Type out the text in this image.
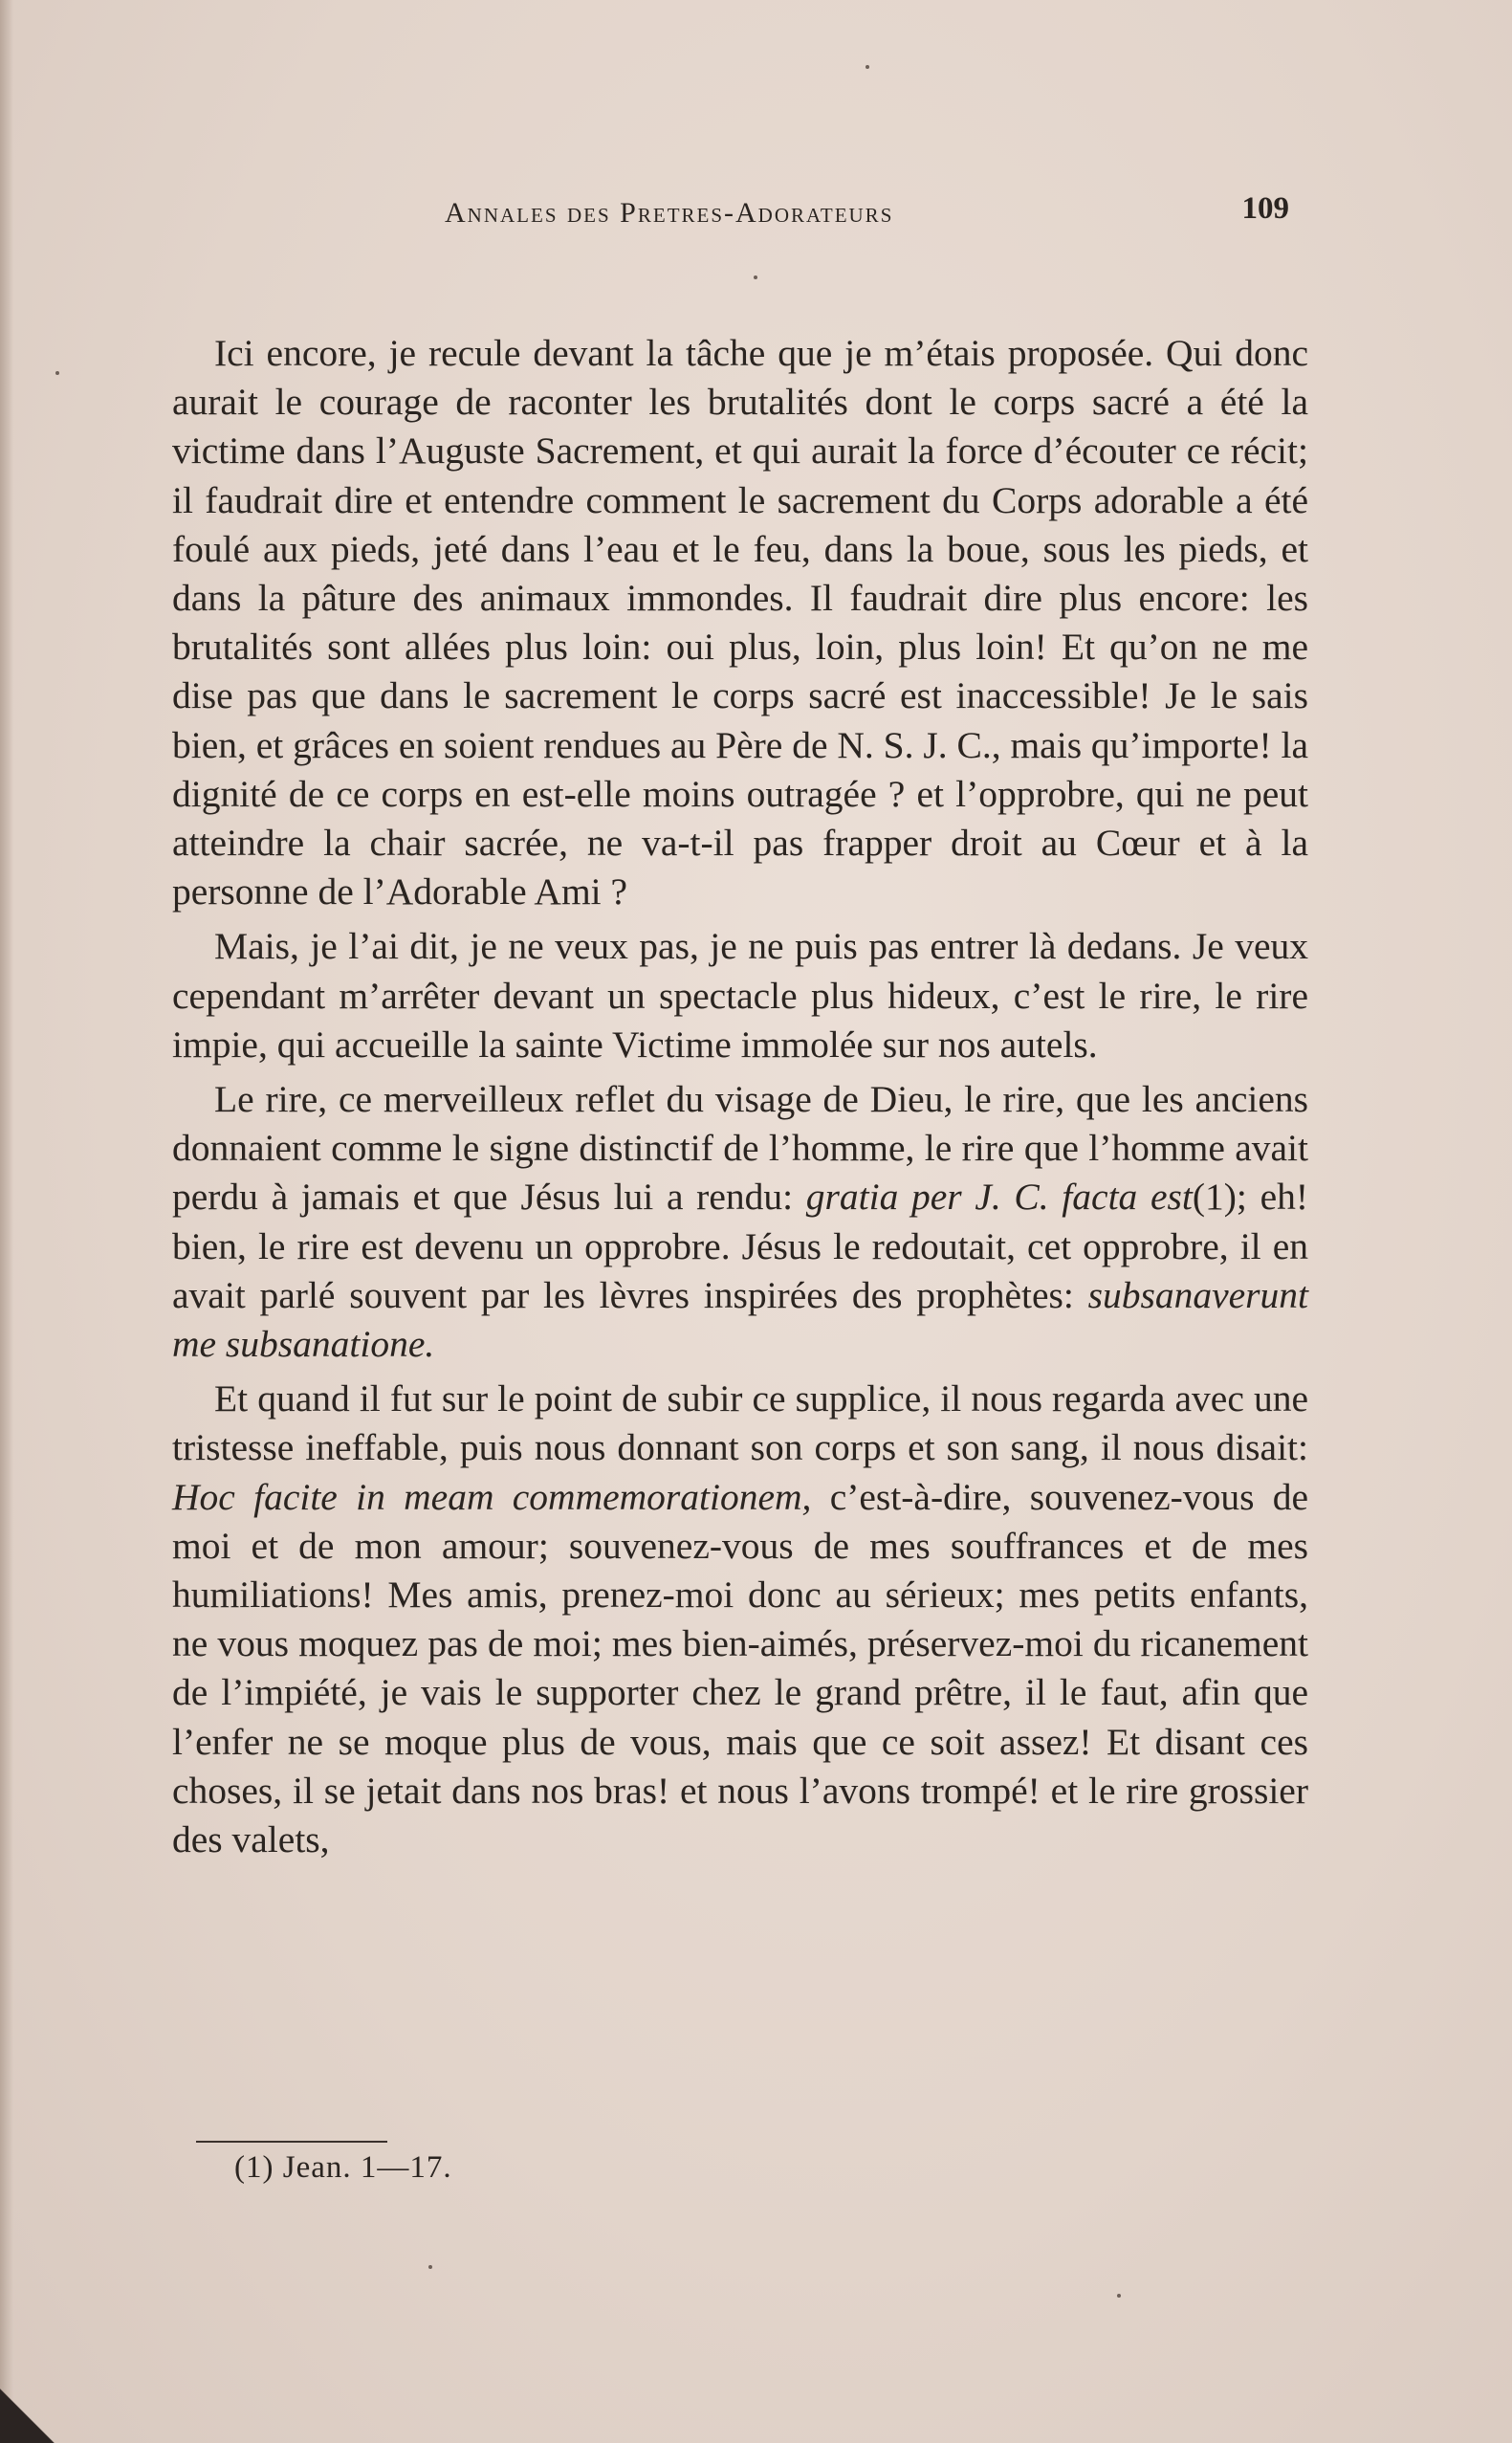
Annales des Pretres-Adorateurs	109

Ici encore, je recule devant la tâche que je m’étais proposée. Qui donc aurait le courage de raconter les brutalités dont le corps sacré a été la victime dans l’Auguste Sacrement, et qui aurait la force d’écouter ce récit; il faudrait dire et entendre comment le sacrement du Corps adorable a été foulé aux pieds, jeté dans l’eau et le feu, dans la boue, sous les pieds, et dans la pâture des animaux immondes. Il faudrait dire plus encore: les brutalités sont allées plus loin: oui plus, loin, plus loin! Et qu’on ne me dise pas que dans le sacrement le corps sacré est inaccessible! Je le sais bien, et grâces en soient rendues au Père de N. S. J. C., mais qu’importe! la dignité de ce corps en est-elle moins outragée ? et l’opprobre, qui ne peut atteindre la chair sacrée, ne va-t-il pas frapper droit au Cœur et à la personne de l’Adorable Ami ?

Mais, je l’ai dit, je ne veux pas, je ne puis pas entrer là dedans. Je veux cependant m’arrêter devant un spectacle plus hideux, c’est le rire, le rire impie, qui accueille la sainte Victime immolée sur nos autels.

Le rire, ce merveilleux reflet du visage de Dieu, le rire, que les anciens donnaient comme le signe distinctif de l’homme, le rire que l’homme avait perdu à jamais et que Jésus lui a rendu: gratia per J. C. facta est(1); eh! bien, le rire est devenu un opprobre. Jésus le redoutait, cet opprobre, il en avait parlé souvent par les lèvres inspirées des prophètes: subsanaverunt me subsanatione.

Et quand il fut sur le point de subir ce supplice, il nous regarda avec une tristesse ineffable, puis nous donnant son corps et son sang, il nous disait: Hoc facite in meam commemorationem, c’est-à-dire, souvenez-vous de moi et de mon amour; souvenez-vous de mes souffrances et de mes humiliations! Mes amis, prenez-moi donc au sérieux; mes petits enfants, ne vous moquez pas de moi; mes bien-aimés, préservez-moi du ricanement de l’impiété, je vais le supporter chez le grand prêtre, il le faut, afin que l’enfer ne se moque plus de vous, mais que ce soit assez! Et disant ces choses, il se jetait dans nos bras! et nous l’avons trompé! et le rire grossier des valets,

(1) Jean. 1—17.
